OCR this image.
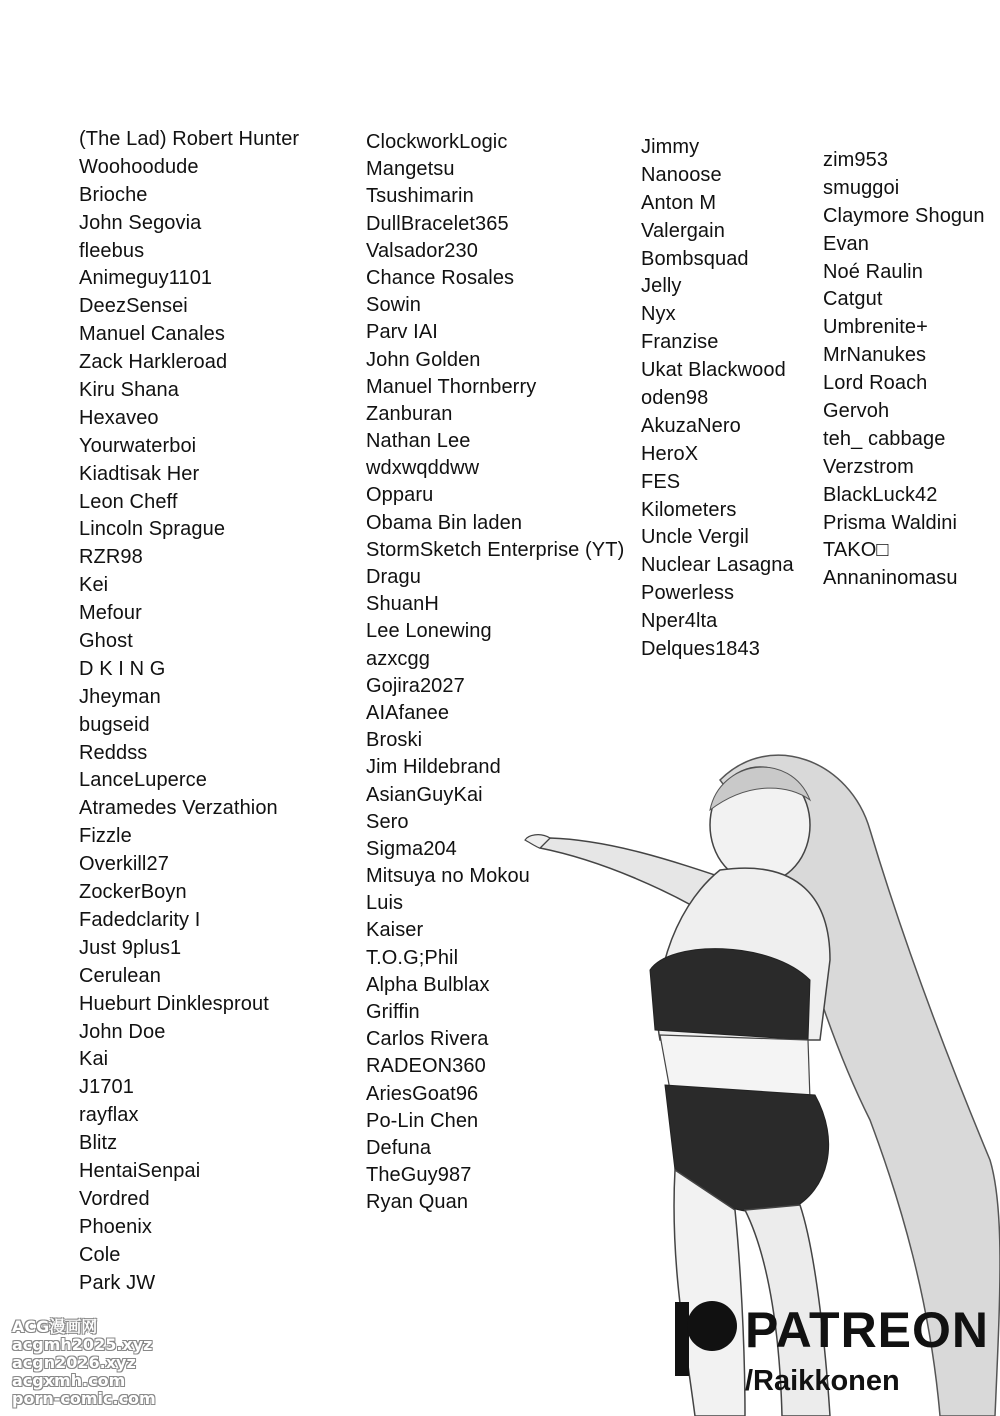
(The Lad) Robert Hunter
Woohoodude
Brioche
John Segovia
fleebus
Animeguy1101
DeezSensei
Manuel Canales
Zack Harkleroad
Kiru Shana
Hexaveo
Yourwaterboi
Kiadtisak Her
Leon Cheff
Lincoln Sprague
RZR98
Kei
Mefour
Ghost
D K I N G
Jheyman
bugseid
Reddss
LanceLuperce
Atramedes Verzathion
Fizzle
Overkill27
ZockerBoyn
Fadedclarity I
Just 9plus1
Cerulean
Hueburt Dinklesprout
John Doe
Kai
J1701
rayflax
Blitz
HentaiSenpai
Vordred
Phoenix
Cole
Park JW
ClockworkLogic
Mangetsu
Tsushimarin
DullBracelet365
Valsador230
Chance Rosales
Sowin
Parv IAI
John Golden
Manuel Thornberry
Zanburan
Nathan Lee
wdxwqddww
Opparu
Obama Bin laden
StormSketch Enterprise (YT)
Dragu
ShuanH
Lee Lonewing
azxcgg
Gojira2027
AIAfanee
Broski
Jim Hildebrand
AsianGuyKai
Sero
Sigma204
Mitsuya no Mokou
Luis
Kaiser
T.O.G;Phil
Alpha Bulblax
Griffin
Carlos Rivera
RADEON360
AriesGoat96
Po-Lin Chen
Defuna
TheGuy987
Ryan Quan
Jimmy
Nanoose
Anton M
Valergain
Bombsquad
Jelly
Nyx
Franzise
Ukat Blackwood
oden98
AkuzaNero
HeroX
FES
Kilometers
Uncle Vergil
Nuclear Lasagna
Powerless
Nper4lta
Delques1843
zim953
smuggoi
Claymore Shogun
Evan
Noé Raulin
Catgut
Umbrenite+
MrNanukes
Lord Roach
Gervoh
teh_ cabbage
Verzstrom
BlackLuck42
Prisma Waldini
TAKO□
Annaninomasu
PATREON
/Raikkonen
ACG漫画网
acgmh2025.xyz
acgn2026.xyz
acgxmh.com
porn-comic.com
